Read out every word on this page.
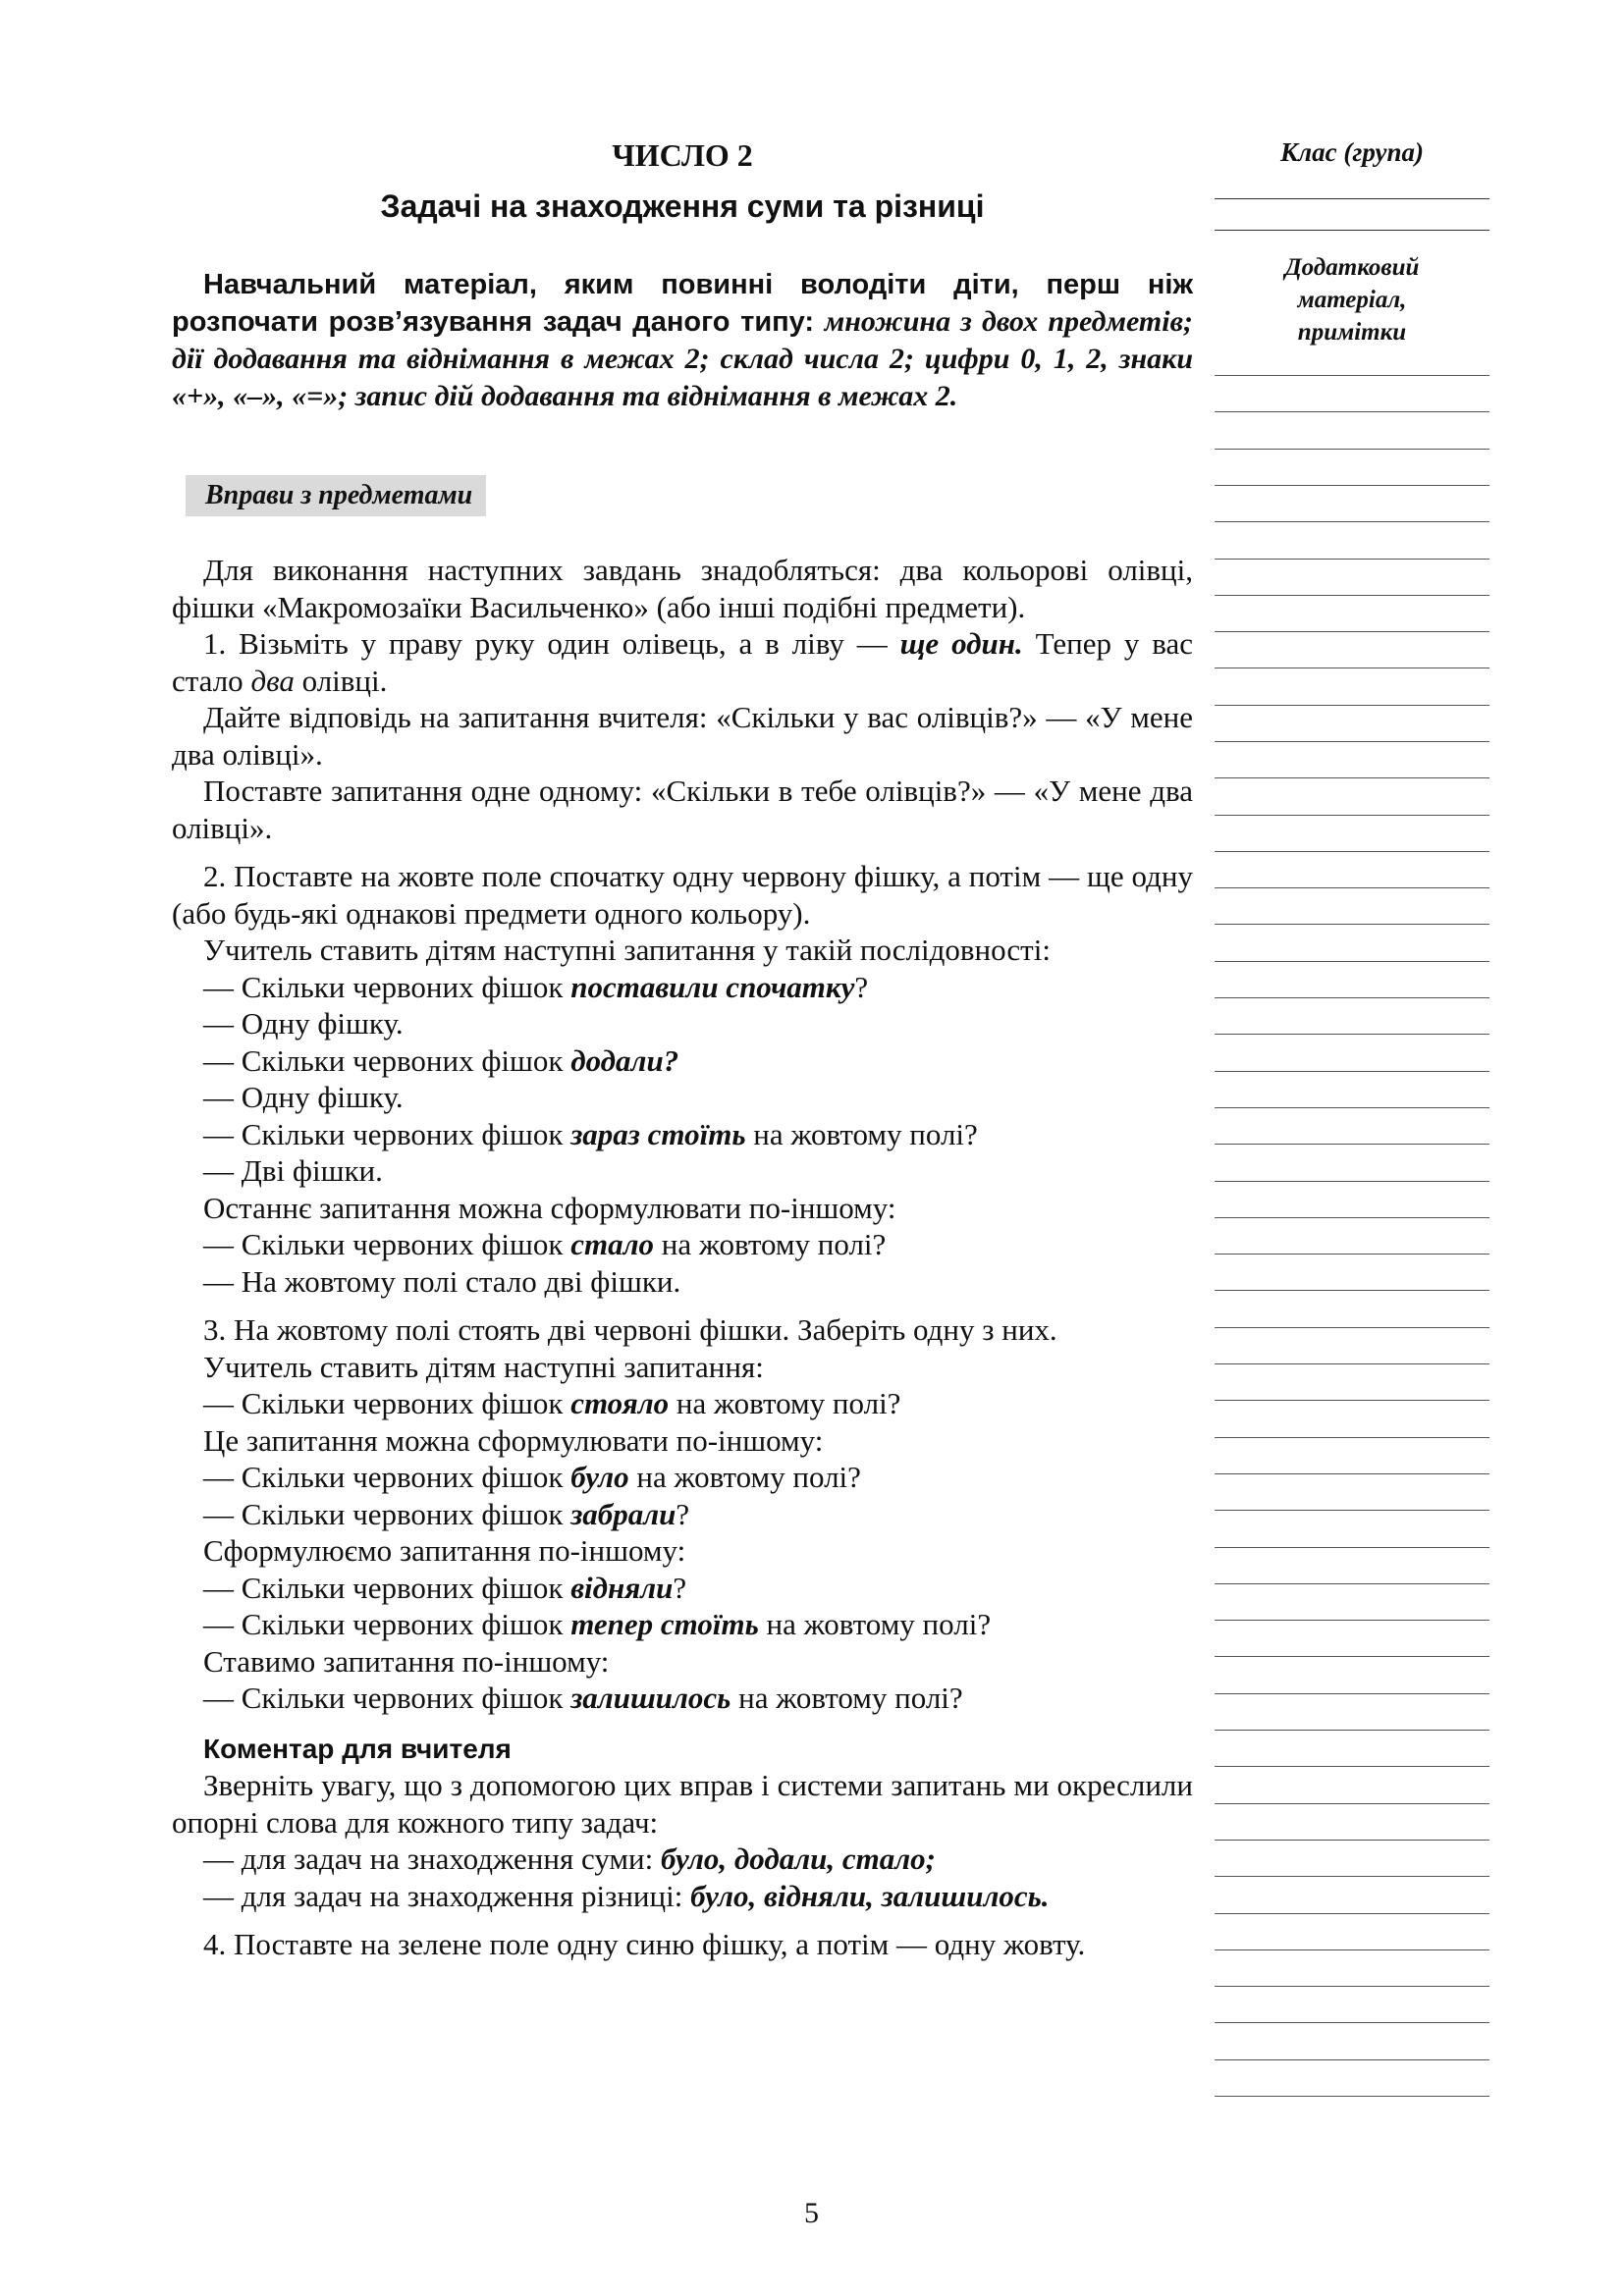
ЧИСЛО 2
Задачі на знаходження суми та різниці

Навчальний матеріал, яким повинні володіти діти, перш ніж розпочати розв’язування задач даного типу: множина з двох предметів; дії додавання та віднімання в межах 2; склад числа 2; цифри 0, 1, 2, знаки «+», «–», «=»; запис дій додавання та віднімання в межах 2.

Вправи з предметами

Для виконання наступних завдань знадобляться: два кольорові олівці, фішки «Макромозаїки Васильченко» (або інші подібні предмети).

1. Візьміть у праву руку один олівець, а в ліву — ще один. Тепер у вас стало два олівці.

Дайте відповідь на запитання вчителя: «Скільки у вас олівців?» — «У мене два олівці».

Поставте запитання одне одному: «Скільки в тебе олівців?» — «У мене два олівці».

2. Поставте на жовте поле спочатку одну червону фішку, а потім — ще одну (або будь-які однакові предмети одного кольору).

Учитель ставить дітям наступні запитання у такій послідовності:

— Скільки червоних фішок поставили спочатку?

— Одну фішку.

— Скільки червоних фішок додали?

— Одну фішку.

— Скільки червоних фішок зараз стоїть на жовтому полі?

— Дві фішки.

Останнє запитання можна сформулювати по-іншому:

— Скільки червоних фішок стало на жовтому полі?

— На жовтому полі стало дві фішки.

3. На жовтому полі стоять дві червоні фішки. Заберіть одну з них.

Учитель ставить дітям наступні запитання:

— Скільки червоних фішок стояло на жовтому полі?

Це запитання можна сформулювати по-іншому:

— Скільки червоних фішок було на жовтому полі?

— Скільки червоних фішок забрали?

Сформулюємо запитання по-іншому:

— Скільки червоних фішок відняли?

— Скільки червоних фішок тепер стоїть на жовтому полі?

Ставимо запитання по-іншому:

— Скільки червоних фішок залишилось на жовтому полі?

Коментар для вчителя

Зверніть увагу, що з допомогою цих вправ і системи запитань ми окреслили опорні слова для кожного типу задач:

— для задач на знаходження суми: було, додали, стало;

— для задач на знаходження різниці: було, відняли, залишилось.

4. Поставте на зелене поле одну синю фішку, а потім — одну жовту.

Клас (група)

Додатковий
матеріал,
примітки
5
